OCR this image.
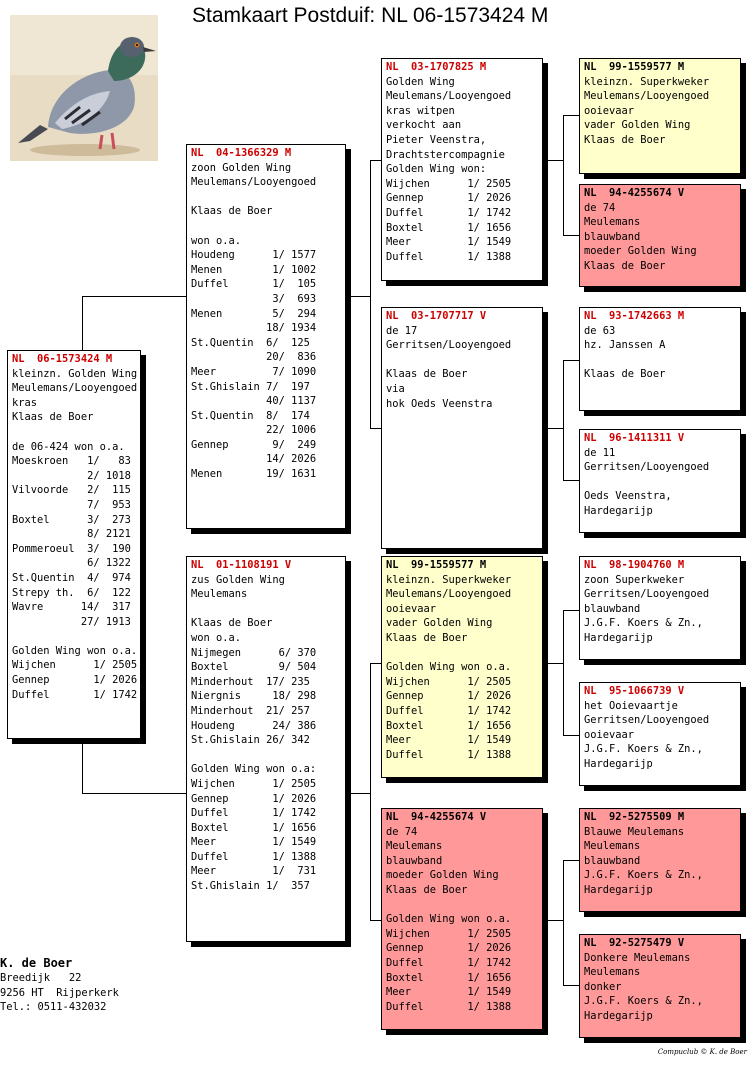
Stamkaart Postduif: NL 06-1573424 M
NL  06-1573424 M
kleinzn. Golden Wing
Meulemans/Looyengoed
kras
Klaas de Boer
de 06-424 won o.a.
Moeskroen   1/   83
2/ 1018
Vilvoorde   2/  115
7/  953
Boxtel      3/  273
8/ 2121
Pommeroeul  3/  190
6/ 1322
St.Quentin  4/  974
Strepy th.  6/  122
Wavre      14/  317
27/ 1913
Golden Wing won o.a.
Wijchen      1/ 2505
Gennep       1/ 2026
Duffel       1/ 1742
NL  04-1366329 M
zoon Golden Wing
Meulemans/Looyengoed
Klaas de Boer
won o.a.
Houdeng      1/ 1577
Menen        1/ 1002
Duffel       1/  105
3/  693
Menen        5/  294
18/ 1934
St.Quentin  6/  125
20/  836
Meer         7/ 1090
St.Ghislain 7/  197
40/ 1137
St.Quentin  8/  174
22/ 1006
Gennep       9/  249
14/ 2026
Menen       19/ 1631
NL  01-1108191 V
zus Golden Wing
Meulemans
Klaas de Boer
won o.a.
Nijmegen      6/ 370
Boxtel        9/ 504
Minderhout  17/ 235
Niergnis     18/ 298
Minderhout  21/ 257
Houdeng      24/ 386
St.Ghislain 26/ 342
Golden Wing won o.a:
Wijchen      1/ 2505
Gennep       1/ 2026
Duffel       1/ 1742
Boxtel       1/ 1656
Meer         1/ 1549
Duffel       1/ 1388
Meer         1/  731
St.Ghislain 1/  357
NL  03-1707825 M
Golden Wing
Meulemans/Looyengoed
kras witpen
verkocht aan
Pieter Veenstra,
Drachtstercompagnie
Golden Wing won:
Wijchen      1/ 2505
Gennep       1/ 2026
Duffel       1/ 1742
Boxtel       1/ 1656
Meer         1/ 1549
Duffel       1/ 1388
NL  03-1707717 V
de 17
Gerritsen/Looyengoed
Klaas de Boer
via
hok Oeds Veenstra
NL  99-1559577 M
kleinzn. Superkweker
Meulemans/Looyengoed
ooievaar
vader Golden Wing
Klaas de Boer
Golden Wing won o.a.
Wijchen      1/ 2505
Gennep       1/ 2026
Duffel       1/ 1742
Boxtel       1/ 1656
Meer         1/ 1549
Duffel       1/ 1388
NL  94-4255674 V
de 74
Meulemans
blauwband
moeder Golden Wing
Klaas de Boer
Golden Wing won o.a.
Wijchen      1/ 2505
Gennep       1/ 2026
Duffel       1/ 1742
Boxtel       1/ 1656
Meer         1/ 1549
Duffel       1/ 1388
NL  99-1559577 M
kleinzn. Superkweker
Meulemans/Looyengoed
ooievaar
vader Golden Wing
Klaas de Boer
NL  94-4255674 V
de 74
Meulemans
blauwband
moeder Golden Wing
Klaas de Boer
NL  93-1742663 M
de 63
hz. Janssen A
Klaas de Boer
NL  96-1411311 V
de 11
Gerritsen/Looyengoed
Oeds Veenstra,
Hardegarijp
NL  98-1904760 M
zoon Superkweker
Gerritsen/Looyengoed
blauwband
J.G.F. Koers & Zn.,
Hardegarijp
NL  95-1066739 V
het Ooievaartje
Gerritsen/Looyengoed
ooievaar
J.G.F. Koers & Zn.,
Hardegarijp
NL  92-5275509 M
Blauwe Meulemans
Meulemans
blauwband
J.G.F. Koers & Zn.,
Hardegarijp
NL  92-5275479 V
Donkere Meulemans
Meulemans
donker
J.G.F. Koers & Zn.,
Hardegarijp
K. de Boer
Breedijk   22
9256 HT  Rijperkerk
Tel.: 0511-432032
Compuclub © K. de Boer
